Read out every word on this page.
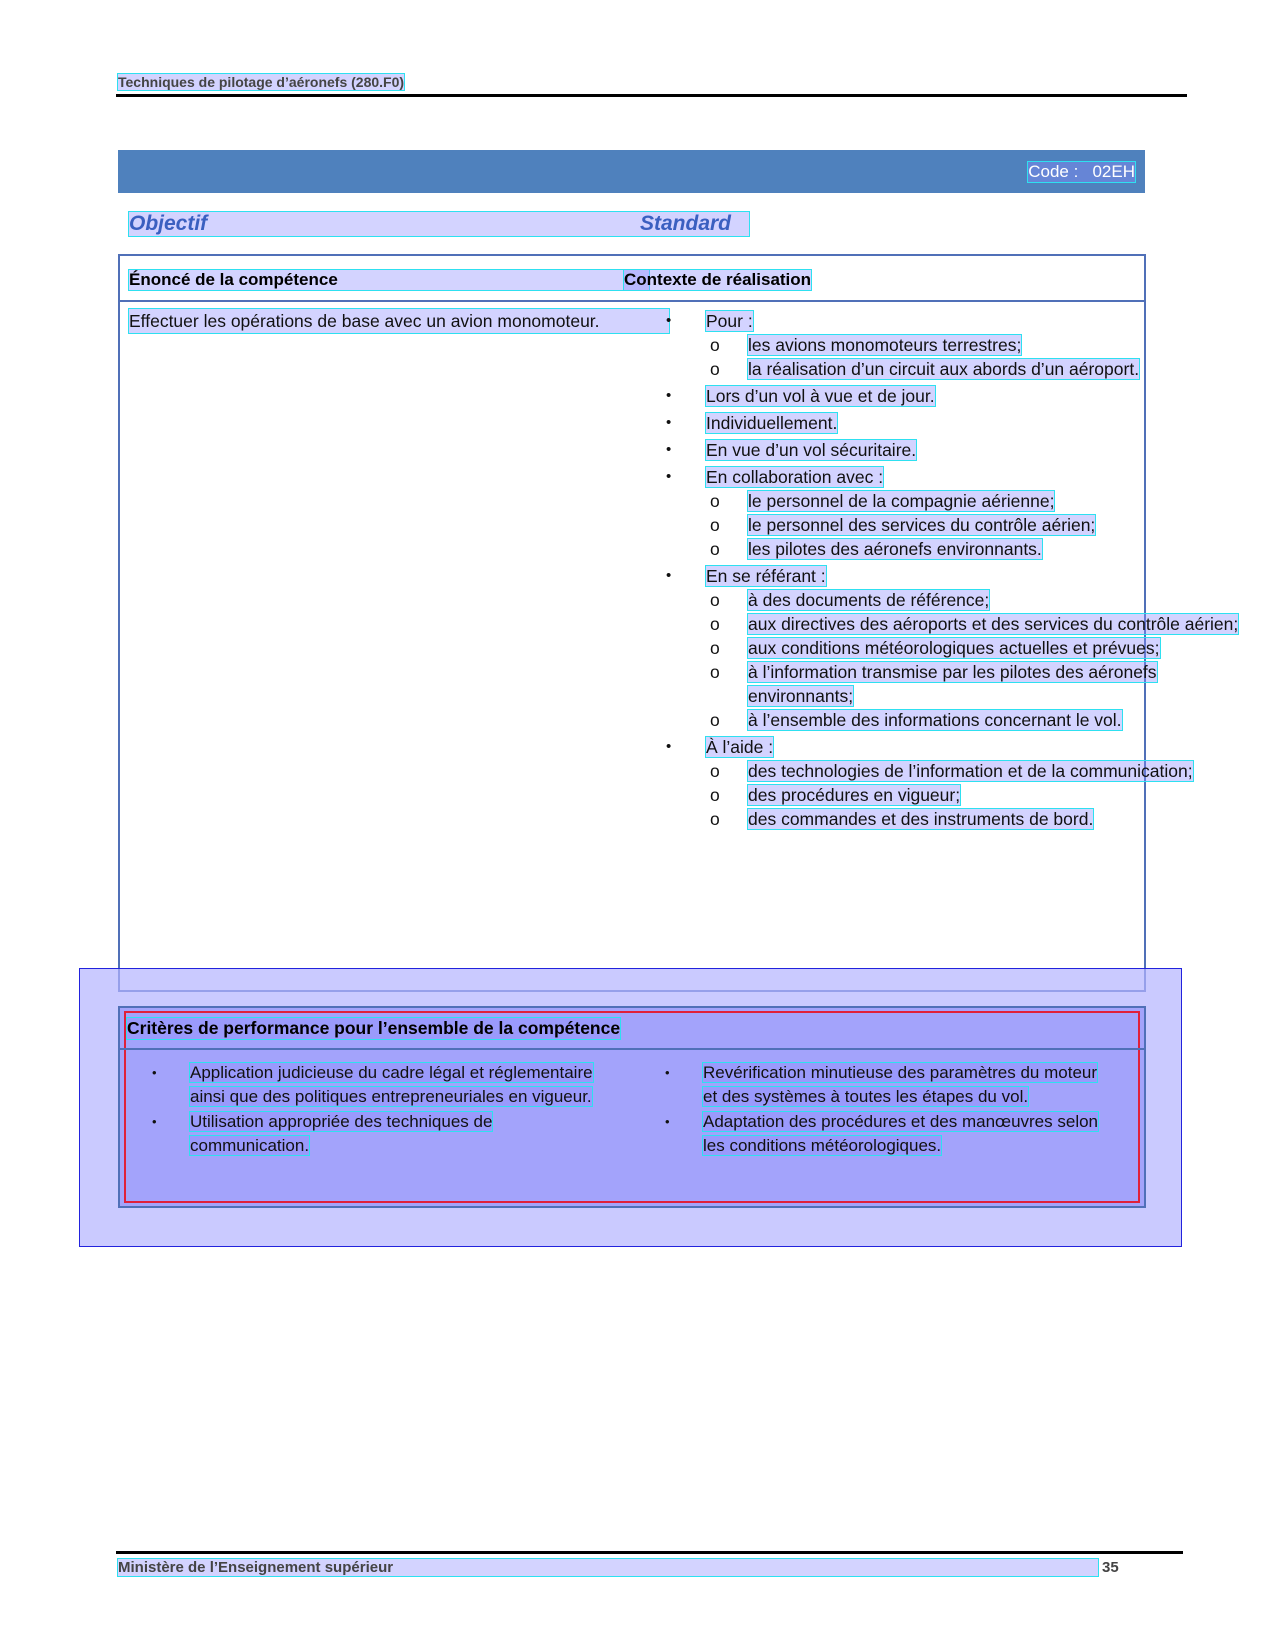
Techniques de pilotage d’aéronefs (280.F0)
Code :   02EH
Objectif	Standard
Énoncé de la compétence	Contexte de réalisation
Effectuer les opérations de base avec un avion monomoteur.	• Pour :
o les avions monomoteurs terrestres;
o la réalisation d’un circuit aux abords d’un aéroport.
• Lors d’un vol à vue et de jour.
• Individuellement.
• En vue d’un vol sécuritaire.
• En collaboration avec :
o le personnel de la compagnie aérienne;
o le personnel des services du contrôle aérien;
o les pilotes des aéronefs environnants.
• En se référant :
o à des documents de référence;
o aux directives des aéroports et des services du contrôle aérien;
o aux conditions météorologiques actuelles et prévues;
o à l’information transmise par les pilotes des aéronefs environnants;
o à l’ensemble des informations concernant le vol.
• À l’aide :
o des technologies de l’information et de la communication;
o des procédures en vigueur;
o des commandes et des instruments de bord.
Critères de performance pour l’ensemble de la compétence
• Application judicieuse du cadre légal et réglementaire ainsi que des politiques entrepreneuriales en vigueur.
• Utilisation appropriée des techniques de communication.
• Revérification minutieuse des paramètres du moteur et des systèmes à toutes les étapes du vol.
• Adaptation des procédures et des manœuvres selon les conditions météorologiques.
Ministère de l’Enseignement supérieur	35
